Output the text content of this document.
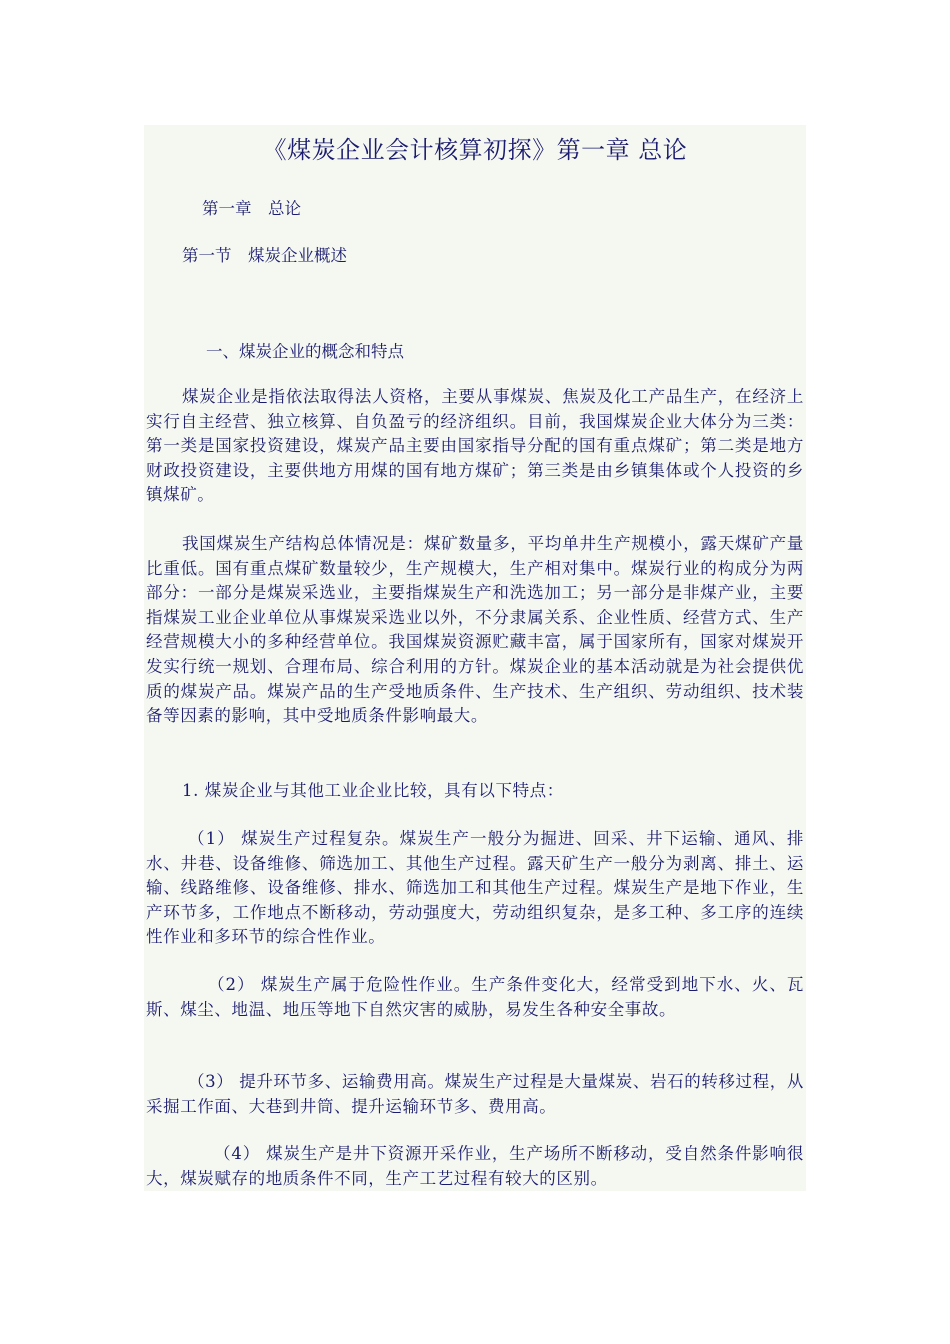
《煤炭企业会计核算初探》第一章 总论
第一章　总论
第一节　煤炭企业概述
一、煤炭企业的概念和特点

煤炭企业是指依法取得法人资格，主要从事煤炭、焦炭及化工产品生产，在经济上实行自主经营、独立核算、自负盈亏的经济组织。目前，我国煤炭企业大体分为三类：第一类是国家投资建设，煤炭产品主要由国家指导分配的国有重点煤矿；第二类是地方财政投资建设，主要供地方用煤的国有地方煤矿；第三类是由乡镇集体或个人投资的乡镇煤矿。

我国煤炭生产结构总体情况是：煤矿数量多，平均单井生产规模小，露天煤矿产量比重低。国有重点煤矿数量较少，生产规模大，生产相对集中。煤炭行业的构成分为两部分：一部分是煤炭采选业，主要指煤炭生产和洗选加工；另一部分是非煤产业，主要指煤炭工业企业单位从事煤炭采选业以外，不分隶属关系、企业性质、经营方式、生产经营规模大小的多种经营单位。我国煤炭资源贮藏丰富，属于国家所有，国家对煤炭开发实行统一规划、合理布局、综合利用的方针。煤炭企业的基本活动就是为社会提供优质的煤炭产品。煤炭产品的生产受地质条件、生产技术、生产组织、劳动组织、技术装备等因素的影响，其中受地质条件影响最大。

1. 煤炭企业与其他工业企业比较，具有以下特点：

（1） 煤炭生产过程复杂。煤炭生产一般分为掘进、回采、井下运输、通风、排水、井巷、设备维修、筛选加工、其他生产过程。露天矿生产一般分为剥离、排土、运输、线路维修、设备维修、排水、筛选加工和其他生产过程。煤炭生产是地下作业，生产环节多，工作地点不断移动，劳动强度大，劳动组织复杂，是多工种、多工序的连续性作业和多环节的综合性作业。

（2） 煤炭生产属于危险性作业。生产条件变化大，经常受到地下水、火、瓦斯、煤尘、地温、地压等地下自然灾害的威胁，易发生各种安全事故。

（3） 提升环节多、运输费用高。煤炭生产过程是大量煤炭、岩石的转移过程，从采掘工作面、大巷到井筒、提升运输环节多、费用高。

（4） 煤炭生产是井下资源开采作业，生产场所不断移动，受自然条件影响很大，煤炭赋存的地质条件不同，生产工艺过程有较大的区别。
